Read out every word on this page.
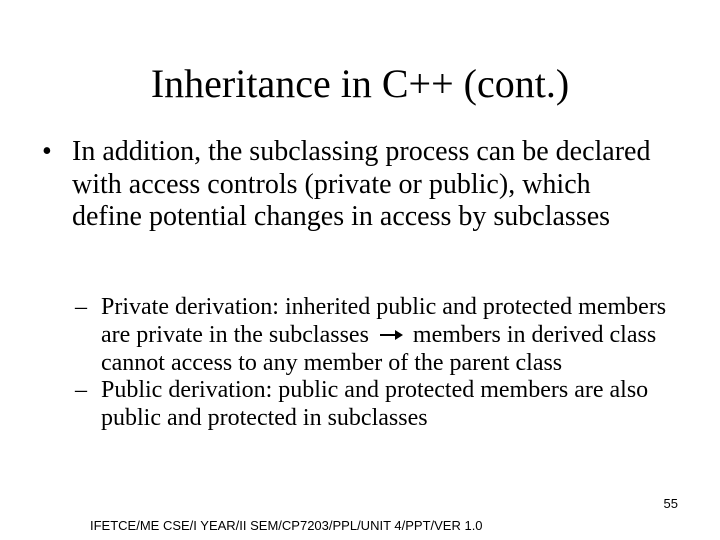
Inheritance in C++ (cont.)
• In addition, the subclassing process can be declared with access controls (private or public), which define potential changes in access by subclasses
– Private derivation: inherited public and protected members are private in the subclasses members in derived class cannot access to any member of the parent class
– Public derivation: public and protected members are also public and protected in subclasses
55
IFETCE/ME CSE/I YEAR/II SEM/CP7203/PPL/UNIT 4/PPT/VER 1.0
